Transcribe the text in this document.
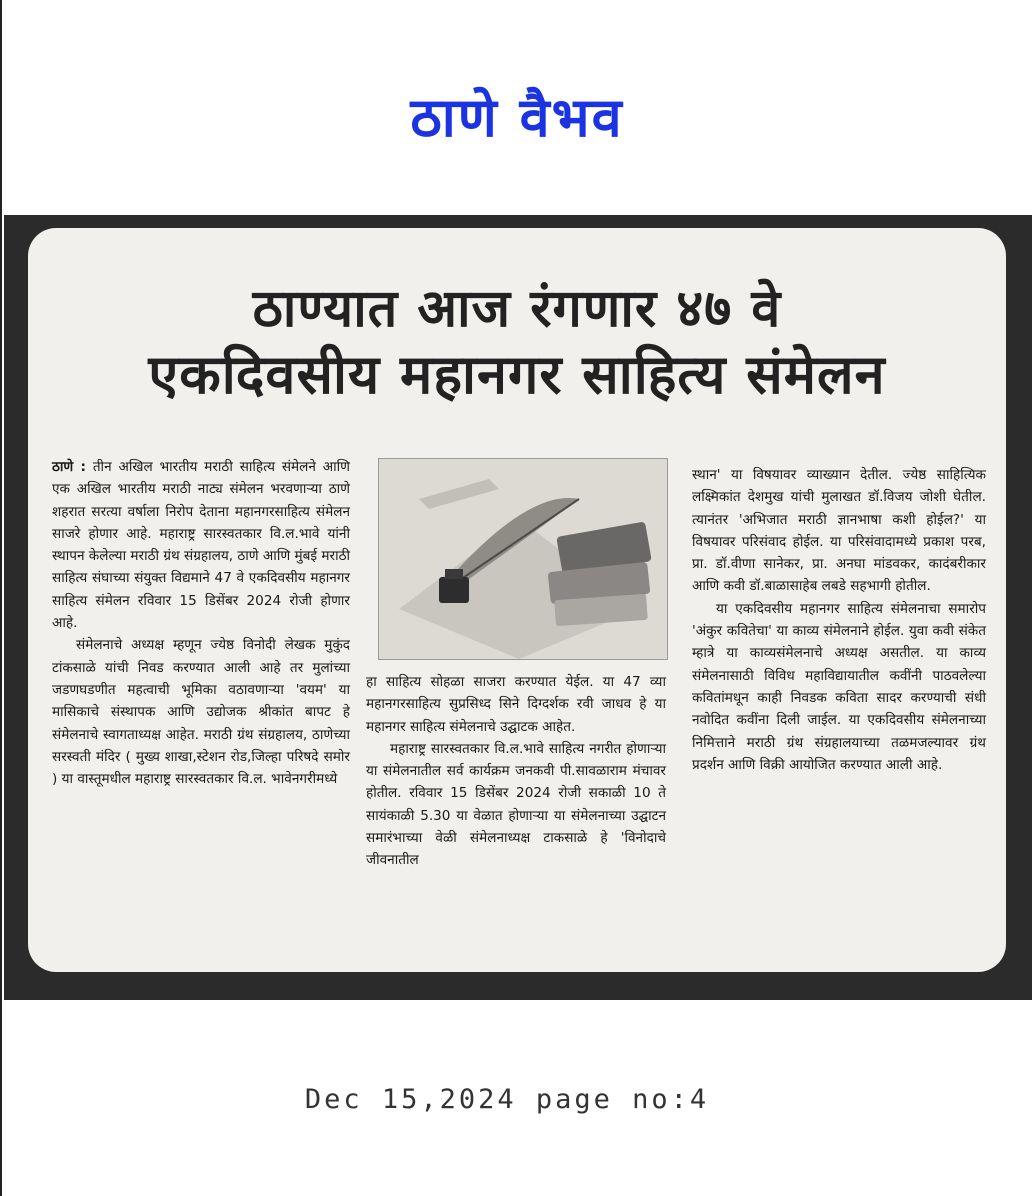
ठाणे वैभव
ठाण्यात आज रंगणार ४७ वे
एकदिवसीय महानगर साहित्य संमेलन

ठाणे : तीन अखिल भारतीय मराठी साहित्य संमेलने आणि एक अखिल भारतीय मराठी नाट्य संमेलन भरवणाऱ्या ठाणे शहरात सरत्या वर्षाला निरोप देताना महानगरसाहित्य संमेलन साजरे होणार आहे. महाराष्ट्र सारस्वतकार वि.ल.भावे यांनी स्थापन केलेल्या मराठी ग्रंथ संग्रहालय, ठाणे आणि मुंबई मराठी साहित्य संघाच्या संयुक्त विद्यमाने 47 वे एकदिवसीय महानगर साहित्य संमेलन रविवार 15 डिसेंबर 2024 रोजी होणार आहे.

संमेलनाचे अध्यक्ष म्हणून ज्येष्ठ विनोदी लेखक मुकुंद टांकसाळे यांची निवड करण्यात आली आहे तर मुलांच्या जडणघडणीत महत्वाची भूमिका वठावणाऱ्या 'वयम' या मासिकाचे संस्थापक आणि उद्योजक श्रीकांत बापट हे संमेलनाचे स्वागताध्यक्ष आहेत. मराठी ग्रंथ संग्रहालय, ठाणेच्या सरस्वती मंदिर ( मुख्य शाखा,स्टेशन रोड,जिल्हा परिषदे समोर ) या वास्तूमधील महाराष्ट्र सारस्वतकार वि.ल. भावेनगरीमध्ये

हा साहित्य सोहळा साजरा करण्यात येईल. या 47 व्या महानगरसाहित्य सुप्रसिध्द सिने दिग्दर्शक रवी जाधव हे या महानगर साहित्य संमेलनाचे उद्घाटक आहेत.

महाराष्ट्र सारस्वतकार वि.ल.भावे साहित्य नगरीत होणाऱ्या या संमेलनातील सर्व कार्यक्रम जनकवी पी.सावळाराम मंचावर होतील. रविवार 15 डिसेंबर 2024 रोजी सकाळी 10 ते सायंकाळी 5.30 या वेळात होणाऱ्या या संमेलनाच्या उद्घाटन समारंभाच्या वेळी संमेलनाध्यक्ष टाकसाळे हे 'विनोदाचे जीवनातील

स्थान' या विषयावर व्याख्यान देतील. ज्येष्ठ साहित्यिक लक्ष्मिकांत देशमुख यांची मुलाखत डॉ.विजय जोशी घेतील. त्यानंतर 'अभिजात मराठी ज्ञानभाषा कशी होईल?' या विषयावर परिसंवाद होईल. या परिसंवादामध्ये प्रकाश परब, प्रा. डॉ.वीणा सानेकर, प्रा. अनघा मांडवकर, कादंबरीकार आणि कवी डॉ.बाळासाहेब लबडे सहभागी होतील.

या एकदिवसीय महानगर साहित्य संमेलनाचा समारोप 'अंकुर कवितेचा' या काव्य संमेलनाने होईल. युवा कवी संकेत म्हात्रे या काव्यसंमेलनाचे अध्यक्ष असतील. या काव्य संमेलनासाठी विविध महाविद्यायातील कवींनी पाठवलेल्या कवितांमधून काही निवडक कविता सादर करण्याची संधी नवोदित कवींना दिली जाईल. या एकदिवसीय संमेलनाच्या निमित्ताने मराठी ग्रंथ संग्रहालयाच्या तळमजल्यावर ग्रंथ प्रदर्शन आणि विक्री आयोजित करण्यात आली आहे.

Dec 15,2024 page no:4
